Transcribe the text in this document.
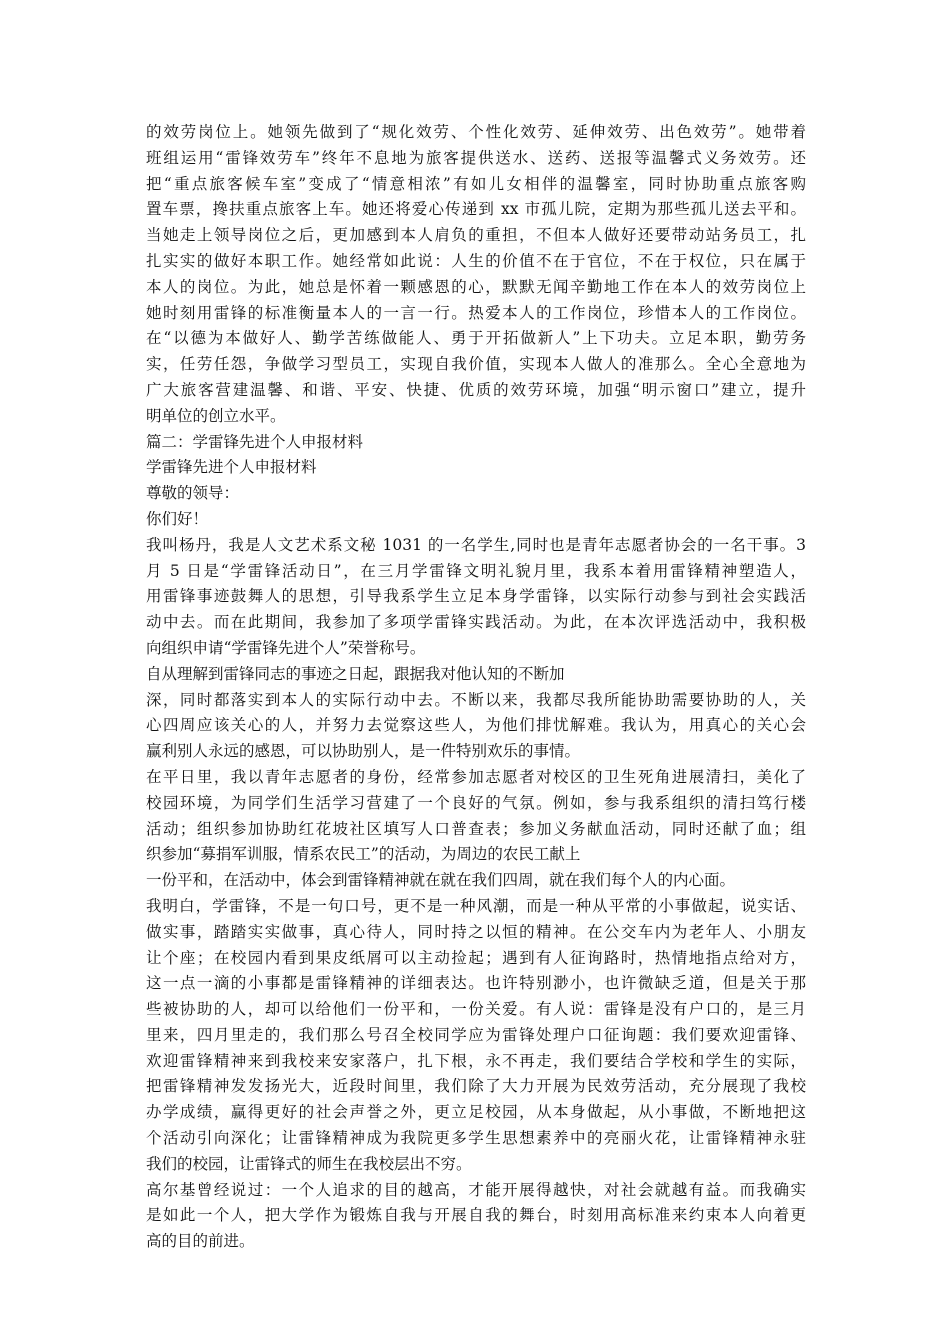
的效劳岗位上。她领先做到了“规化效劳、个性化效劳、延伸效劳、出色效劳”。她带着
班组运用“雷锋效劳车”终年不息地为旅客提供送水、送药、送报等温馨式义务效劳。还
把“重点旅客候车室”变成了“情意相浓”有如儿女相伴的温馨室，同时协助重点旅客购
置车票，搀扶重点旅客上车。她还将爱心传递到 xx 市孤儿院，定期为那些孤儿送去平和。
当她走上领导岗位之后，更加感到本人肩负的重担，不但本人做好还要带动站务员工，扎
扎实实的做好本职工作。她经常如此说：人生的价值不在于官位，不在于权位，只在属于
本人的岗位。为此，她总是怀着一颗感恩的心，默默无闻辛勤地工作在本人的效劳岗位上
她时刻用雷锋的标准衡量本人的一言一行。热爱本人的工作岗位，珍惜本人的工作岗位。
在“以德为本做好人、勤学苦练做能人、勇于开拓做新人”上下功夫。立足本职，勤劳务
实，任劳任怨，争做学习型员工，实现自我价值，实现本人做人的准那么。全心全意地为
广大旅客营建温馨、和谐、平安、快捷、优质的效劳环境，加强“明示窗口”建立，提升
明单位的创立水平。
篇二：学雷锋先进个人申报材料
学雷锋先进个人申报材料
尊敬的领导：
你们好！
我叫杨丹，我是人文艺术系文秘 1031 的一名学生,同时也是青年志愿者协会的一名干事。3
月 5 日是“学雷锋活动日”，在三月学雷锋文明礼貌月里，我系本着用雷锋精神塑造人，
用雷锋事迹鼓舞人的思想，引导我系学生立足本身学雷锋，以实际行动参与到社会实践活
动中去。而在此期间，我参加了多项学雷锋实践活动。为此，在本次评选活动中，我积极
向组织申请“学雷锋先进个人”荣誉称号。
自从理解到雷锋同志的事迹之日起，跟据我对他认知的不断加
深，同时都落实到本人的实际行动中去。不断以来，我都尽我所能协助需要协助的人，关
心四周应该关心的人，并努力去觉察这些人，为他们排忧解难。我认为，用真心的关心会
赢利别人永远的感恩，可以协助别人，是一件特别欢乐的事情。
在平日里，我以青年志愿者的身份，经常参加志愿者对校区的卫生死角进展清扫，美化了
校园环境，为同学们生活学习营建了一个良好的气氛。例如，参与我系组织的清扫笃行楼
活动；组织参加协助红花坡社区填写人口普查表；参加义务献血活动，同时还献了血；组
织参加“募捐军训服，情系农民工”的活动，为周边的农民工献上
一份平和，在活动中，体会到雷锋精神就在就在我们四周，就在我们每个人的内心面。
我明白，学雷锋，不是一句口号，更不是一种风潮，而是一种从平常的小事做起，说实话、
做实事，踏踏实实做事，真心待人，同时持之以恒的精神。在公交车内为老年人、小朋友
让个座；在校园内看到果皮纸屑可以主动捡起；遇到有人征询路时，热情地指点给对方，
这一点一滴的小事都是雷锋精神的详细表达。也许特别渺小，也许微缺乏道，但是关于那
些被协助的人，却可以给他们一份平和，一份关爱。有人说：雷锋是没有户口的，是三月
里来，四月里走的，我们那么号召全校同学应为雷锋处理户口征询题：我们要欢迎雷锋、
欢迎雷锋精神来到我校来安家落户，扎下根，永不再走，我们要结合学校和学生的实际，
把雷锋精神发发扬光大，近段时间里，我们除了大力开展为民效劳活动，充分展现了我校
办学成绩，赢得更好的社会声誉之外，更立足校园，从本身做起，从小事做，不断地把这
个活动引向深化；让雷锋精神成为我院更多学生思想素养中的亮丽火花，让雷锋精神永驻
我们的校园，让雷锋式的师生在我校层出不穷。
高尔基曾经说过：一个人追求的目的越高，才能开展得越快，对社会就越有益。而我确实
是如此一个人，把大学作为锻炼自我与开展自我的舞台，时刻用高标准来约束本人向着更
高的目的前进。
